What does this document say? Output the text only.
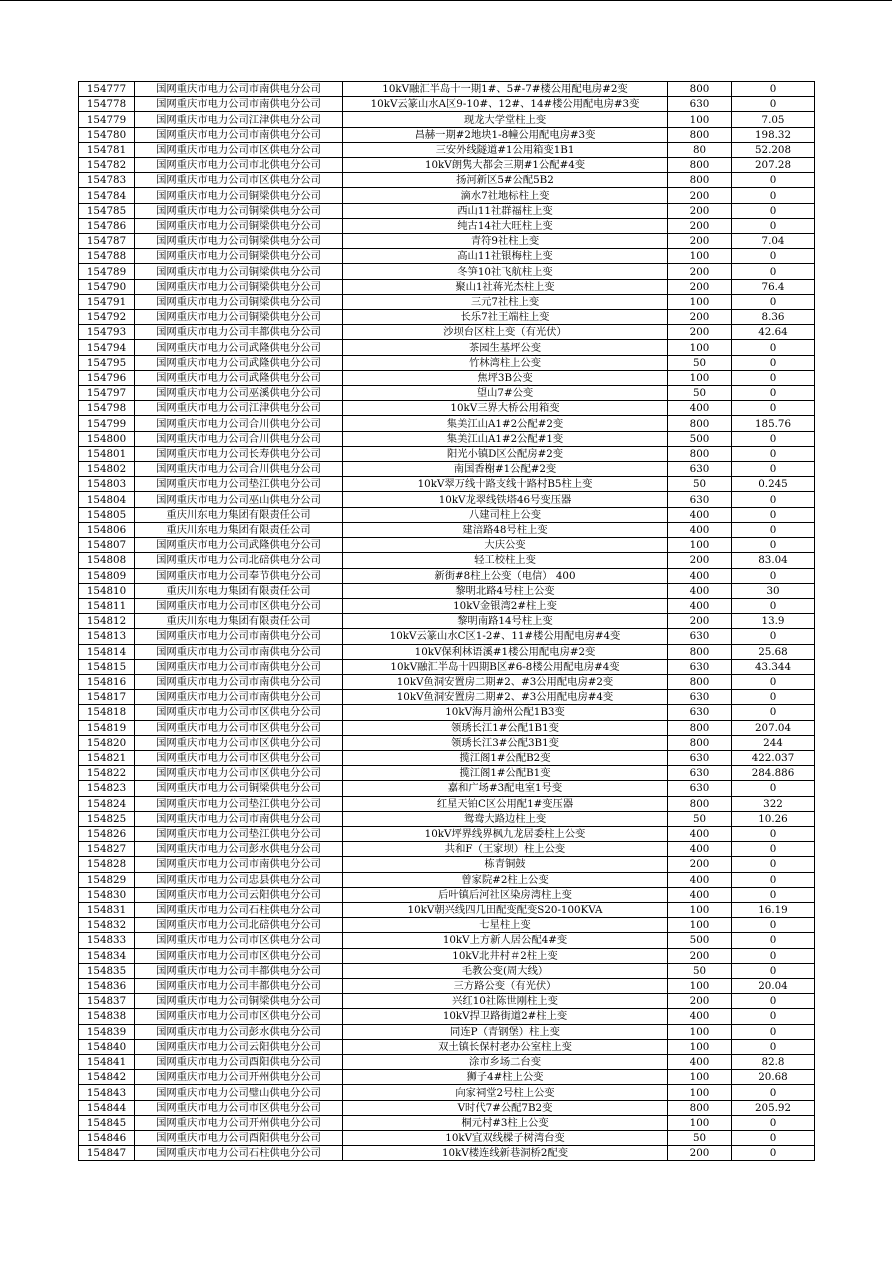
154777	国网重庆市电力公司市南供电分公司	10kV融汇半岛十一期1#、5#-7#楼公用配电房#2变	800	0
154778	国网重庆市电力公司市南供电分公司	10kV云篆山水A区9-10#、12#、14#楼公用配电房#3变	630	0
154779	国网重庆市电力公司江津供电分公司	现龙大学堂柱上变	100	7.05
154780	国网重庆市电力公司市南供电分公司	昌赫一期#2地块1-8幢公用配电房#3变	800	198.32
154781	国网重庆市电力公司市区供电分公司	三安外线隧道#1公用箱变1B1	80	52.208
154782	国网重庆市电力公司市北供电分公司	10kV朗隽大都会三期#1公配#4变	800	207.28
154783	国网重庆市电力公司市区供电分公司	扬河新区5#公配5B2	800	0
154784	国网重庆市电力公司铜梁供电分公司	滴水7社地标柱上变	200	0
154785	国网重庆市电力公司铜梁供电分公司	西山11社群福柱上变	200	0
154786	国网重庆市电力公司铜梁供电分公司	纯古14社大旺柱上变	200	0
154787	国网重庆市电力公司铜梁供电分公司	青符9社柱上变	200	7.04
154788	国网重庆市电力公司铜梁供电分公司	高山11社银梅柱上变	100	0
154789	国网重庆市电力公司铜梁供电分公司	冬笋10社飞航柱上变	200	0
154790	国网重庆市电力公司铜梁供电分公司	聚山1社蒋光杰柱上变	200	76.4
154791	国网重庆市电力公司铜梁供电分公司	三元7社柱上变	100	0
154792	国网重庆市电力公司铜梁供电分公司	长乐7社王端柱上变	200	8.36
154793	国网重庆市电力公司丰都供电分公司	沙坝台区柱上变（有光伏）	200	42.64
154794	国网重庆市电力公司武隆供电分公司	茶园生基坪公变	100	0
154795	国网重庆市电力公司武隆供电分公司	竹林湾柱上公变	50	0
154796	国网重庆市电力公司武隆供电分公司	焦坪3B公变	100	0
154797	国网重庆市电力公司巫溪供电分公司	望山7#公变	50	0
154798	国网重庆市电力公司江津供电分公司	10kV三界大桥公用箱变	400	0
154799	国网重庆市电力公司合川供电分公司	集美江山A1#2公配#2变	800	185.76
154800	国网重庆市电力公司合川供电分公司	集美江山A1#2公配#1变	500	0
154801	国网重庆市电力公司长寿供电分公司	阳光小镇D区公配房#2变	800	0
154802	国网重庆市电力公司合川供电分公司	南国香榭#1公配#2变	630	0
154803	国网重庆市电力公司垫江供电分公司	10kV翠万线十路支线十路村B5柱上变	50	0.245
154804	国网重庆市电力公司巫山供电分公司	10kV龙翠线铁塔46号变压器	630	0
154805	重庆川东电力集团有限责任公司	八建司柱上公变	400	0
154806	重庆川东电力集团有限责任公司	建涪路48号柱上变	400	0
154807	国网重庆市电力公司武隆供电分公司	大庆公变	100	0
154808	国网重庆市电力公司北碚供电分公司	轻工校柱上变	200	83.04
154809	国网重庆市电力公司奉节供电分公司	新街#8柱上公变（电信） 400	400	0
154810	重庆川东电力集团有限责任公司	黎明北路4号柱上公变	400	30
154811	国网重庆市电力公司市区供电分公司	10kV金银湾2#柱上变	400	0
154812	重庆川东电力集团有限责任公司	黎明南路14号柱上变	200	13.9
154813	国网重庆市电力公司市南供电分公司	10kV云篆山水C区1-2#、11#楼公用配电房#4变	630	0
154814	国网重庆市电力公司市南供电分公司	10kV保利林语溪#1楼公用配电房#2变	800	25.68
154815	国网重庆市电力公司市南供电分公司	10kV融汇半岛十四期B区#6-8楼公用配电房#4变	630	43.344
154816	国网重庆市电力公司市南供电分公司	10kV鱼洞安置房二期#2、#3公用配电房#2变	800	0
154817	国网重庆市电力公司市南供电分公司	10kV鱼洞安置房二期#2、#3公用配电房#4变	630	0
154818	国网重庆市电力公司市区供电分公司	10kV海月渝州公配1B3变	630	0
154819	国网重庆市电力公司市区供电分公司	领琇长江1#公配1B1变	800	207.04
154820	国网重庆市电力公司市区供电分公司	领琇长江3#公配3B1变	800	244
154821	国网重庆市电力公司市区供电分公司	揽江阁1#公配B2变	630	422.037
154822	国网重庆市电力公司市区供电分公司	揽江阁1#公配B1变	630	284.886
154823	国网重庆市电力公司铜梁供电分公司	嘉和广场#3配电室1号变	630	0
154824	国网重庆市电力公司垫江供电分公司	红星天铂C区公用配1#变压器	800	322
154825	国网重庆市电力公司市南供电分公司	鸳鸯大路边柱上变	50	10.26
154826	国网重庆市电力公司垫江供电分公司	10kV坪界线界枫九龙居委柱上公变	400	0
154827	国网重庆市电力公司彭水供电分公司	共和F（王家坝）柱上公变	400	0
154828	国网重庆市电力公司市南供电分公司	栋青铜鼓	200	0
154829	国网重庆市电力公司忠县供电分公司	曾家院#2柱上公变	400	0
154830	国网重庆市电力公司云阳供电分公司	后叶镇后河社区染房湾柱上变	400	0
154831	国网重庆市电力公司石柱供电分公司	10kV朝兴线四几田配变配变S20-100KVA	100	16.19
154832	国网重庆市电力公司北碚供电分公司	七星柱上变	100	0
154833	国网重庆市电力公司市区供电分公司	10kV上方新人居公配4#变	500	0
154834	国网重庆市电力公司市区供电分公司	10kV北井村＃2柱上变	200	0
154835	国网重庆市电力公司丰都供电分公司	毛教公变(周大线）	50	0
154836	国网重庆市电力公司丰都供电分公司	三方路公变（有光伏）	100	20.04
154837	国网重庆市电力公司铜梁供电分公司	兴红10社陈世刚柱上变	200	0
154838	国网重庆市电力公司市区供电分公司	10kV捍卫路街道2#柱上变	400	0
154839	国网重庆市电力公司彭水供电分公司	同连P（青钢堡）柱上变	100	0
154840	国网重庆市电力公司云阳供电分公司	双土镇长保村老办公室柱上变	100	0
154841	国网重庆市电力公司酉阳供电分公司	涂市乡场二台变	400	82.8
154842	国网重庆市电力公司开州供电分公司	狮子4#柱上公变	100	20.68
154843	国网重庆市电力公司璧山供电分公司	向家祠堂2号柱上公变	100	0
154844	国网重庆市电力公司市区供电分公司	V时代7#公配7B2变	800	205.92
154845	国网重庆市电力公司开州供电分公司	桐元村#3柱上公变	100	0
154846	国网重庆市电力公司酉阳供电分公司	10kV宜双线樑子树湾台变	50	0
154847	国网重庆市电力公司石柱供电分公司	10kV楼连线新巷洞桥2配变	200	0
